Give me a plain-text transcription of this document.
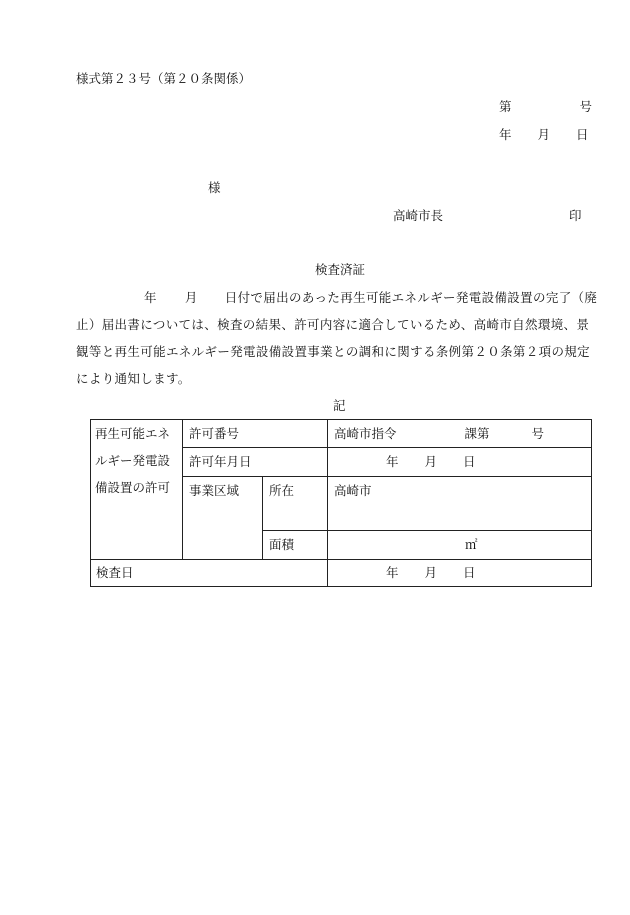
様式第２３号（第２０条関係）
第	号
年 月 日
様
高崎市長	印
検査済証
年 月 日付で届出のあった再生可能エネルギー発電設備設置の完了（廃
止）届出書については、検査の結果、許可内容に適合しているため、高崎市自然環境、景
観等と再生可能エネルギー発電設備設置事業との調和に関する条例第２０条第２項の規定
により通知します。
記
再生可能エネ
ルギー発電設
備設置の許可
許可番号	高崎市指令	課第	号
許可年月日	年 月 日
事業区域 所在	高崎市
面積	㎡
検査日	年 月 日
